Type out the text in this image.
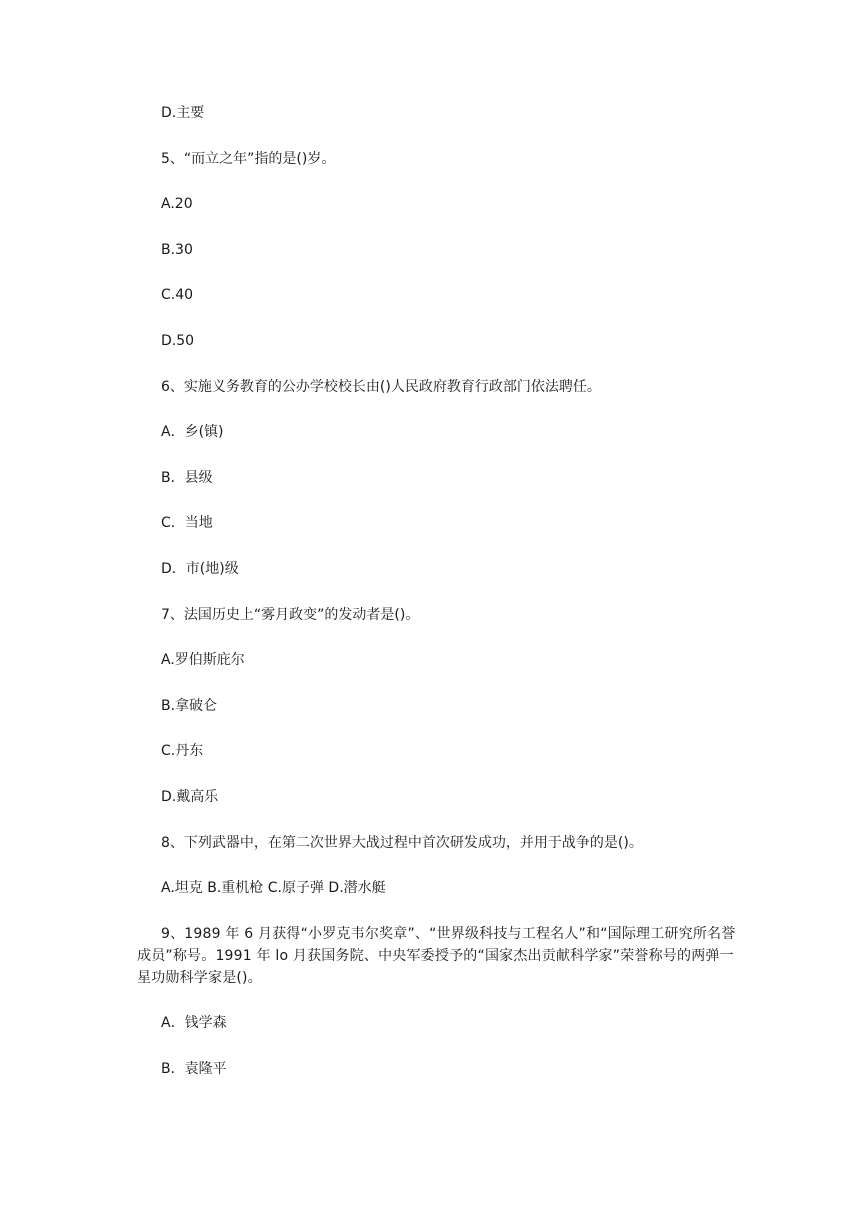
D.主要

5、“而立之年”指的是()岁。

A.20

B.30

C.40

D.50

6、实施义务教育的公办学校校长由()人民政府教育行政部门依法聘任。

A．乡(镇)

B．县级

C．当地

D．市(地)级

7、法国历史上“雾月政变”的发动者是()。

A.罗伯斯庇尔

B.拿破仑

C.丹东

D.戴高乐

8、下列武器中，在第二次世界大战过程中首次研发成功，并用于战争的是()。

A.坦克 B.重机枪 C.原子弹 D.潜水艇

9、1989 年 6 月获得“小罗克韦尔奖章”、“世界级科技与工程名人”和“国际理工研究所名誉成员”称号。1991 年 lo 月获国务院、中央军委授予的“国家杰出贡献科学家”荣誉称号的两弹一星功勋科学家是()。

A．钱学森

B．袁隆平
